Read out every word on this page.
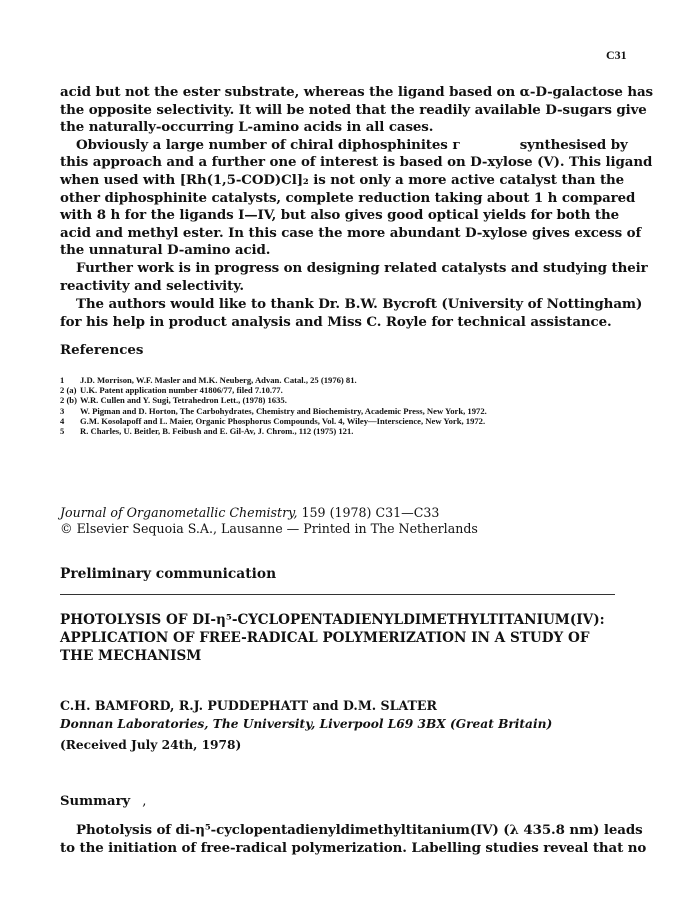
C31
acid but not the ester substrate, whereas the ligand based on α-D-galactose has
the opposite selectivity. It will be noted that the readily available D-sugars give
the naturally-occurring L-amino acids in all cases.
Obviously a large number of chiral diphosphinites г             synthesised by
this approach and a further one of interest is based on D-xylose (V). This ligand
when used with [Rh(1,5-COD)Cl]₂ is not only a more active catalyst than the
other diphosphinite catalysts, complete reduction taking about 1 h compared
with 8 h for the ligands I—IV, but also gives good optical yields for both the
acid and methyl ester. In this case the more abundant D-xylose gives excess of
the unnatural D-amino acid.
Further work is in progress on designing related catalysts and studying their
reactivity and selectivity.
The authors would like to thank Dr. B.W. Bycroft (University of Nottingham)
for his help in product analysis and Miss C. Royle for technical assistance.
References
1	J.D. Morrison, W.F. Masler and M.K. Neuberg, Advan. Catal., 25 (1976) 81.
2 (a) U.K. Patent application number 41806/77, filed 7.10.77.
2 (b) W.R. Cullen and Y. Sugi, Tetrahedron Lett., (1978) 1635.
3	W. Pigman and D. Horton, The Carbohydrates, Chemistry and Biochemistry, Academic Press, New York, 1972.
4	G.M. Kosolapoff and L. Maier, Organic Phosphorus Compounds, Vol. 4, Wiley—Interscience, New York, 1972.
5	R. Charles, U. Beitler, B. Feibush and E. Gil-Av, J. Chrom., 112 (1975) 121.
Journal of Organometallic Chemistry, 159 (1978) C31—C33
© Elsevier Sequoia S.A., Lausanne — Printed in The Netherlands
Preliminary communication
PHOTOLYSIS OF DI-η⁵-CYCLOPENTADIENYLDIMETHYLTITANIUM(IV):
APPLICATION OF FREE-RADICAL POLYMERIZATION IN A STUDY OF
THE MECHANISM
C.H. BAMFORD, R.J. PUDDEPHATT and D.M. SLATER
Donnan Laboratories, The University, Liverpool L69 3BX (Great Britain)
(Received July 24th, 1978)
Summary ,
Photolysis of di-η⁵-cyclopentadienyldimethyltitanium(IV) (λ 435.8 nm) leads
to the initiation of free-radical polymerization. Labelling studies reveal that no
